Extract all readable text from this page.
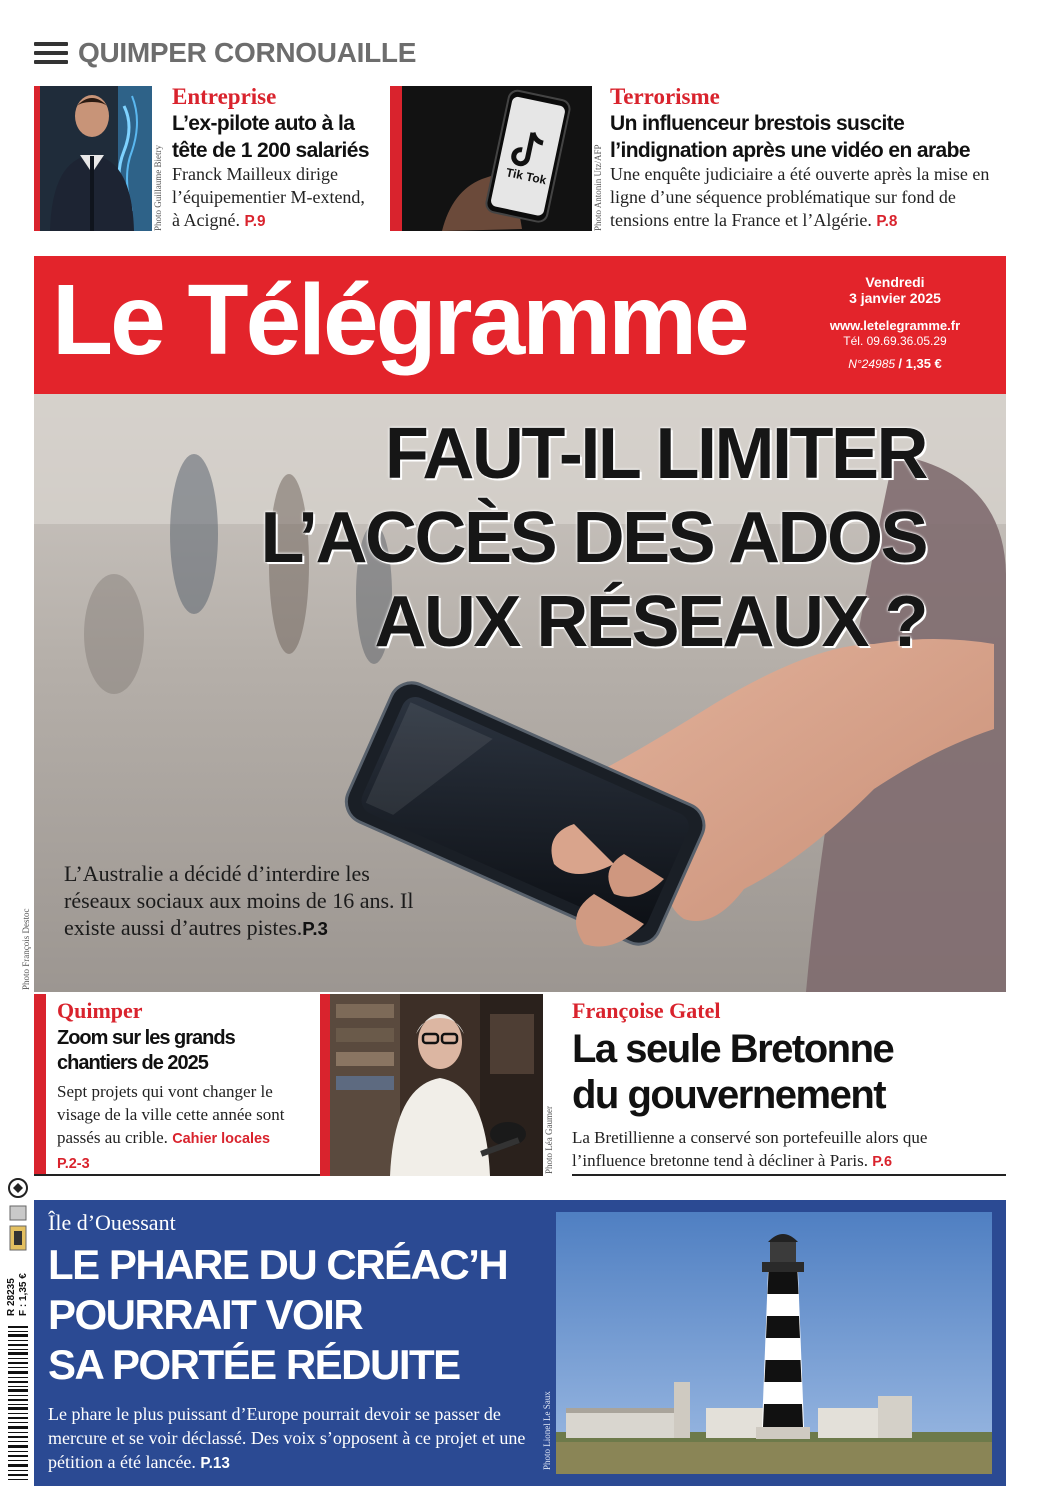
QUIMPER CORNOUAILLE
Photo Guillaume Bietry
Entreprise
L’ex-pilote auto à la
tête de 1 200 salariés
Franck Mailleux dirige l’équipementier M-extend, à Acigné. P.9
Tik Tok	Photo Antonin Utz/AFP
Terrorisme
Un influenceur brestois suscite
l’indignation après une vidéo en arabe
Une enquête judiciaire a été ouverte après la mise en ligne d’une séquence problématique sur fond de tensions entre la France et l’Algérie. P.8
Le Télégramme	Vendredi
3 janvier 2025
www.letelegramme.fr
Tél. 09.69.36.05.29
N°24985 / 1,35 €
FAUT-IL LIMITER
L’ACCÈS DES ADOS
AUX RÉSEAUX ?
L’Australie a décidé d’interdire les réseaux sociaux aux moins de 16 ans. Il existe aussi d’autres pistes.P.3
Photo François Destoc
Quimper
Zoom sur les grands
chantiers de 2025
Sept projets qui vont changer le visage de la ville cette année sont passés au crible. Cahier locales P.2-3	Photo Léa Gaumer
Françoise Gatel
La seule Bretonne
du gouvernement
La Bretillienne a conservé son portefeuille alors que l’influence bretonne tend à décliner à Paris. P.6
Île d’Ouessant
LE PHARE DU CRÉAC’H
POURRAIT VOIR
SA PORTÉE RÉDUITE
Le phare le plus puissant d’Europe pourrait devoir se passer de mercure et se voir déclassé. Des voix s’opposent à ce projet et une pétition a été lancée. P.13	Photo Lionel Le Saux
R 28235 F : 1,35 €
